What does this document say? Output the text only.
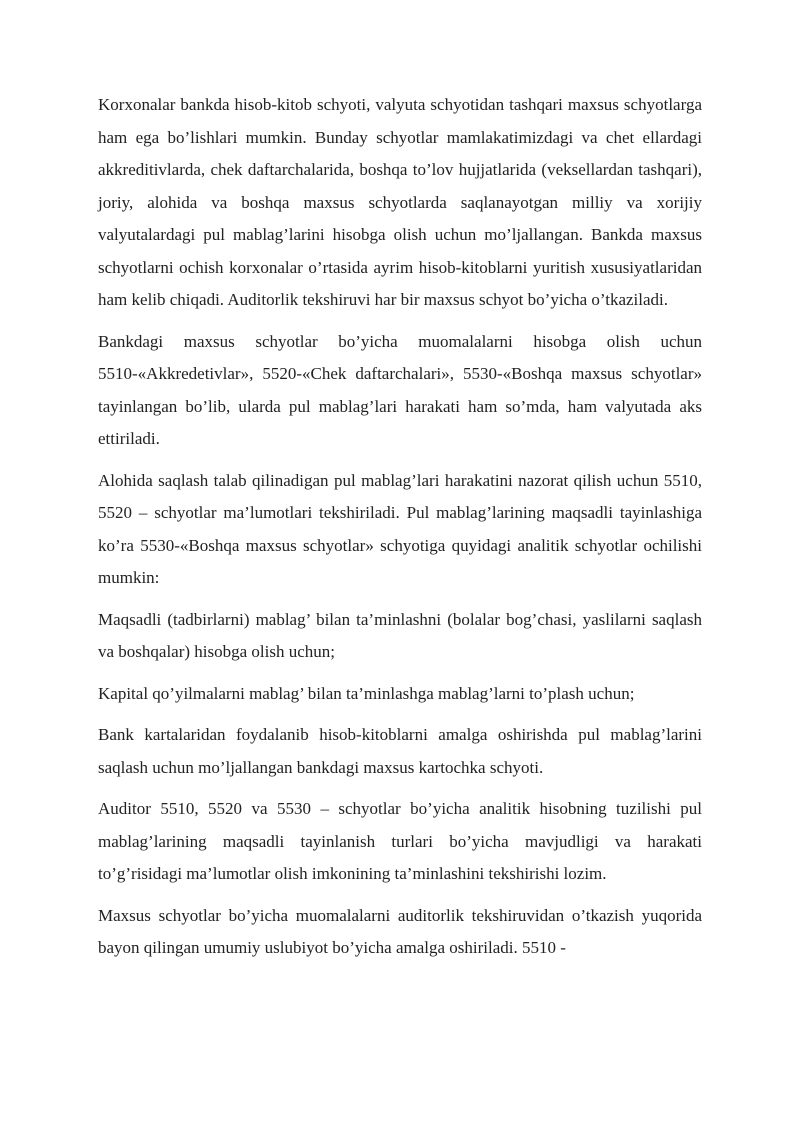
Korxonalar bankda hisob-kitob schyoti, valyuta schyotidan tashqari maxsus schyotlarga ham ega bo’lishlari mumkin. Bunday schyotlar mamlakatimizdagi va chet ellardagi akkreditivlarda, chek daftarchalarida, boshqa to’lov hujjatlarida (veksellardan tashqari), joriy, alohida va boshqa maxsus schyotlarda saqlanayotgan milliy va xorijiy valyutalardagi pul mablag’larini hisobga olish uchun mo’ljallangan. Bankda maxsus schyotlarni ochish korxonalar o’rtasida ayrim hisob-kitoblarni yuritish xususiyatlaridan ham kelib chiqadi. Auditorlik tekshiruvi har bir maxsus schyot bo’yicha o’tkaziladi.

Bankdagi maxsus schyotlar bo’yicha muomalalarni hisobga olish uchun 5510-«Akkredetivlar», 5520-«Chek daftarchalari», 5530-«Boshqa maxsus schyotlar» tayinlangan bo’lib, ularda pul mablag’lari harakati ham so’mda, ham valyutada aks ettiriladi.

Alohida saqlash talab qilinadigan pul mablag’lari harakatini nazorat qilish uchun 5510, 5520 – schyotlar ma’lumotlari tekshiriladi. Pul mablag’larining maqsadli tayinlashiga ko’ra 5530-«Boshqa maxsus schyotlar» schyotiga quyidagi analitik schyotlar ochilishi mumkin:

Maqsadli (tadbirlarni) mablag’ bilan ta’minlashni (bolalar bog’chasi, yaslilarni saqlash va boshqalar) hisobga olish uchun;

Kapital qo’yilmalarni mablag’ bilan ta’minlashga mablag’larni to’plash uchun;

Bank kartalaridan foydalanib hisob-kitoblarni amalga oshirishda pul mablag’larini saqlash uchun mo’ljallangan bankdagi maxsus kartochka schyoti.

Auditor 5510, 5520 va 5530 – schyotlar bo’yicha analitik hisobning tuzilishi pul mablag’larining maqsadli tayinlanish turlari bo’yicha mavjudligi va harakati to’g’risidagi ma’lumotlar olish imkonining ta’minlashini tekshirishi lozim.

Maxsus schyotlar bo’yicha muomalalarni auditorlik tekshiruvidan o’tkazish yuqorida bayon qilingan umumiy uslubiyot bo’yicha amalga oshiriladi. 5510 -
